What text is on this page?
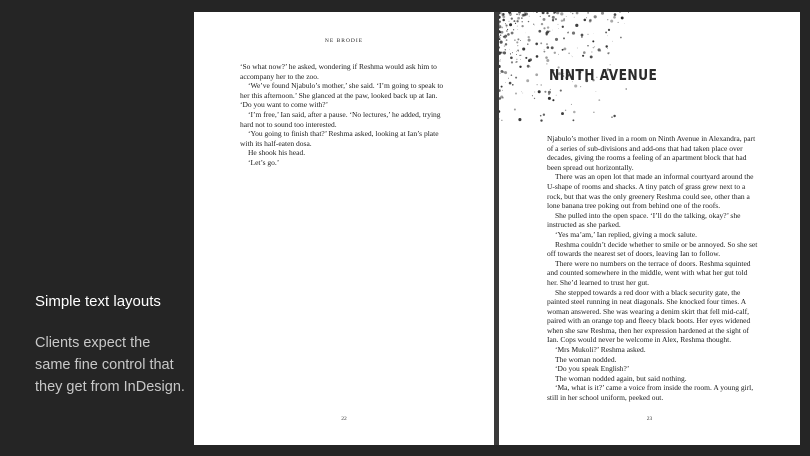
Simple text layouts
Clients expect the same fine control that they get from InDesign.
NE BRODIE

‘So what now?’ he asked, wondering if Reshma would ask him to accompany her to the zoo.

‘We’ve found Njabulo’s mother,’ she said. ‘I’m going to speak to her this afternoon.’ She glanced at the paw, looked back up at Ian. ‘Do you want to come with?’

‘I’m free,’ Ian said, after a pause. ‘No lectures,’ he added, trying hard not to sound too interested.

‘You going to finish that?’ Reshma asked, looking at Ian’s plate with its half-eaten dosa.

He shook his head.

‘Let’s go.’

22
NINTH AVENUE

Njabulo’s mother lived in a room on Ninth Avenue in Alexandra, part of a series of sub-divisions and add-ons that had taken place over decades, giving the rooms a feeling of an apartment block that had been spread out horizontally.

There was an open lot that made an informal courtyard around the U-shape of rooms and shacks. A tiny patch of grass grew next to a rock, but that was the only greenery Reshma could see, other than a lone banana tree poking out from behind one of the roofs.

She pulled into the open space. ‘I’ll do the talking, okay?’ she instructed as she parked.

‘Yes ma’am,’ Ian replied, giving a mock salute.

Reshma couldn’t decide whether to smile or be annoyed. So she set off towards the nearest set of doors, leaving Ian to follow.

There were no numbers on the terrace of doors. Reshma squinted and counted somewhere in the middle, went with what her gut told her. She’d learned to trust her gut.

She stepped towards a red door with a black security gate, the painted steel running in neat diagonals. She knocked four times. A woman answered. She was wearing a denim skirt that fell mid-calf, paired with an orange top and fleecy black boots. Her eyes widened when she saw Reshma, then her expression hardened at the sight of Ian. Cops would never be welcome in Alex, Reshma thought.

‘Mrs Mukoli?’ Reshma asked.

The woman nodded.

‘Do you speak English?’

The woman nodded again, but said nothing.

‘Ma, what is it?’ came a voice from inside the room. A young girl, still in her school uniform, peeked out.

23
